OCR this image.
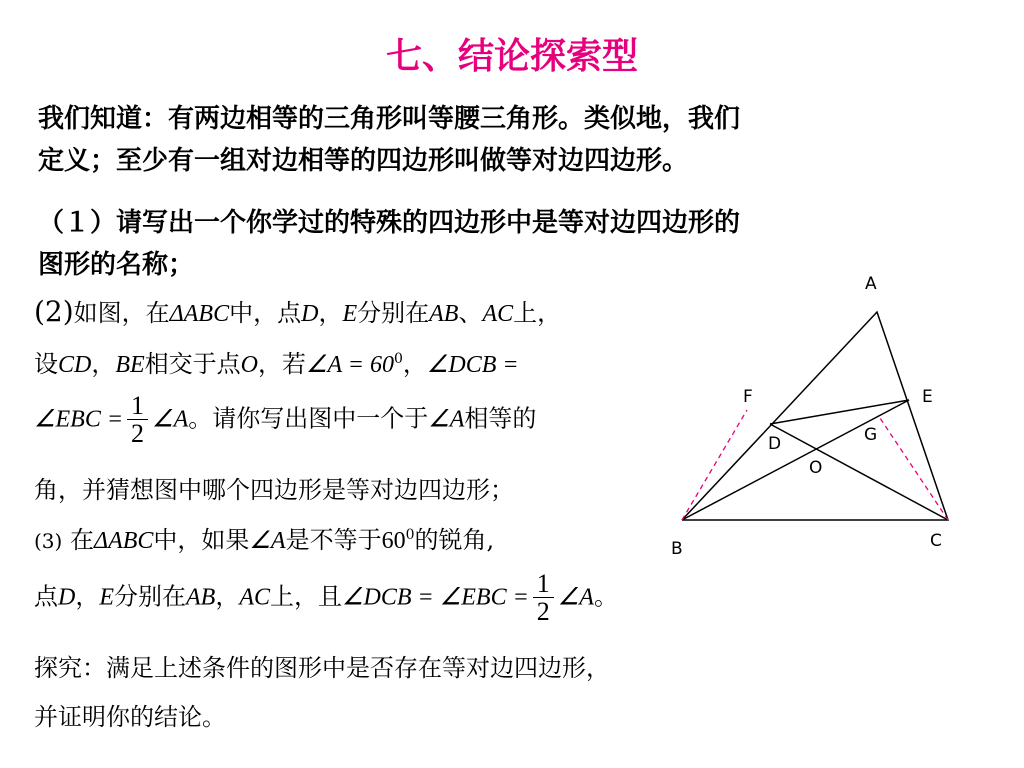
七、结论探索型
我们知道：有两边相等的三角形叫等腰三角形。类似地，我们
定义；至少有一组对边相等的四边形叫做等对边四边形。
（１）请写出一个你学过的特殊的四边形中是等对边四边形的
图形的名称；
(2)如图，在ΔABC中，点D，E分别在AB、AC上，
设CD，BE相交于点O，若∠A = $60^0$，∠DCB =
∠EBC = $\frac{1}{2}$ ∠A。请你写出图中一个于∠A相等的
角，并猜想图中哪个四边形是等对边四边形；
(3) 在ΔABC中，如果∠A是不等于$60^0$的锐角,
点D，E分别在AB，AC上，且∠DCB = ∠EBC = $\frac{1}{2}$ ∠A。
探究：满足上述条件的图形中是否存在等对边四边形，
并证明你的结论。
A
B	C
D
E
F
G
O
